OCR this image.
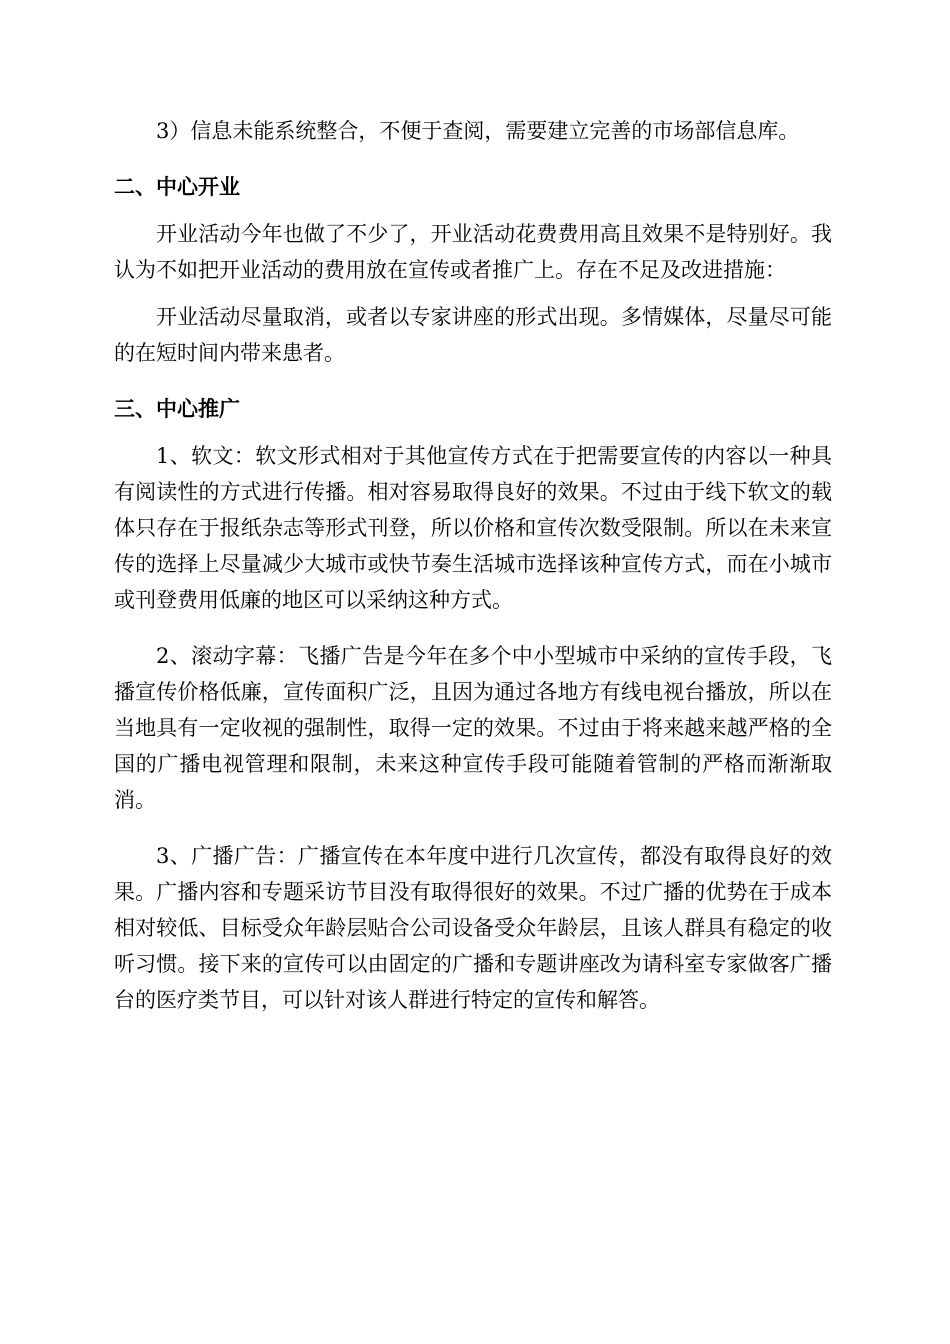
3）信息未能系统整合，不便于查阅，需要建立完善的市场部信息库。

二、中心开业

开业活动今年也做了不少了，开业活动花费费用高且效果不是特别好。我认为不如把开业活动的费用放在宣传或者推广上。存在不足及改进措施：

开业活动尽量取消，或者以专家讲座的形式出现。多情媒体，尽量尽可能的在短时间内带来患者。

三、中心推广

1、软文：软文形式相对于其他宣传方式在于把需要宣传的内容以一种具有阅读性的方式进行传播。相对容易取得良好的效果。不过由于线下软文的载体只存在于报纸杂志等形式刊登，所以价格和宣传次数受限制。所以在未来宣传的选择上尽量减少大城市或快节奏生活城市选择该种宣传方式，而在小城市或刊登费用低廉的地区可以采纳这种方式。

2、滚动字幕：飞播广告是今年在多个中小型城市中采纳的宣传手段，飞播宣传价格低廉，宣传面积广泛，且因为通过各地方有线电视台播放，所以在当地具有一定收视的强制性，取得一定的效果。不过由于将来越来越严格的全国的广播电视管理和限制，未来这种宣传手段可能随着管制的严格而渐渐取消。

3、广播广告：广播宣传在本年度中进行几次宣传，都没有取得良好的效果。广播内容和专题采访节目没有取得很好的效果。不过广播的优势在于成本相对较低、目标受众年龄层贴合公司设备受众年龄层，且该人群具有稳定的收听习惯。接下来的宣传可以由固定的广播和专题讲座改为请科室专家做客广播台的医疗类节目，可以针对该人群进行特定的宣传和解答。
